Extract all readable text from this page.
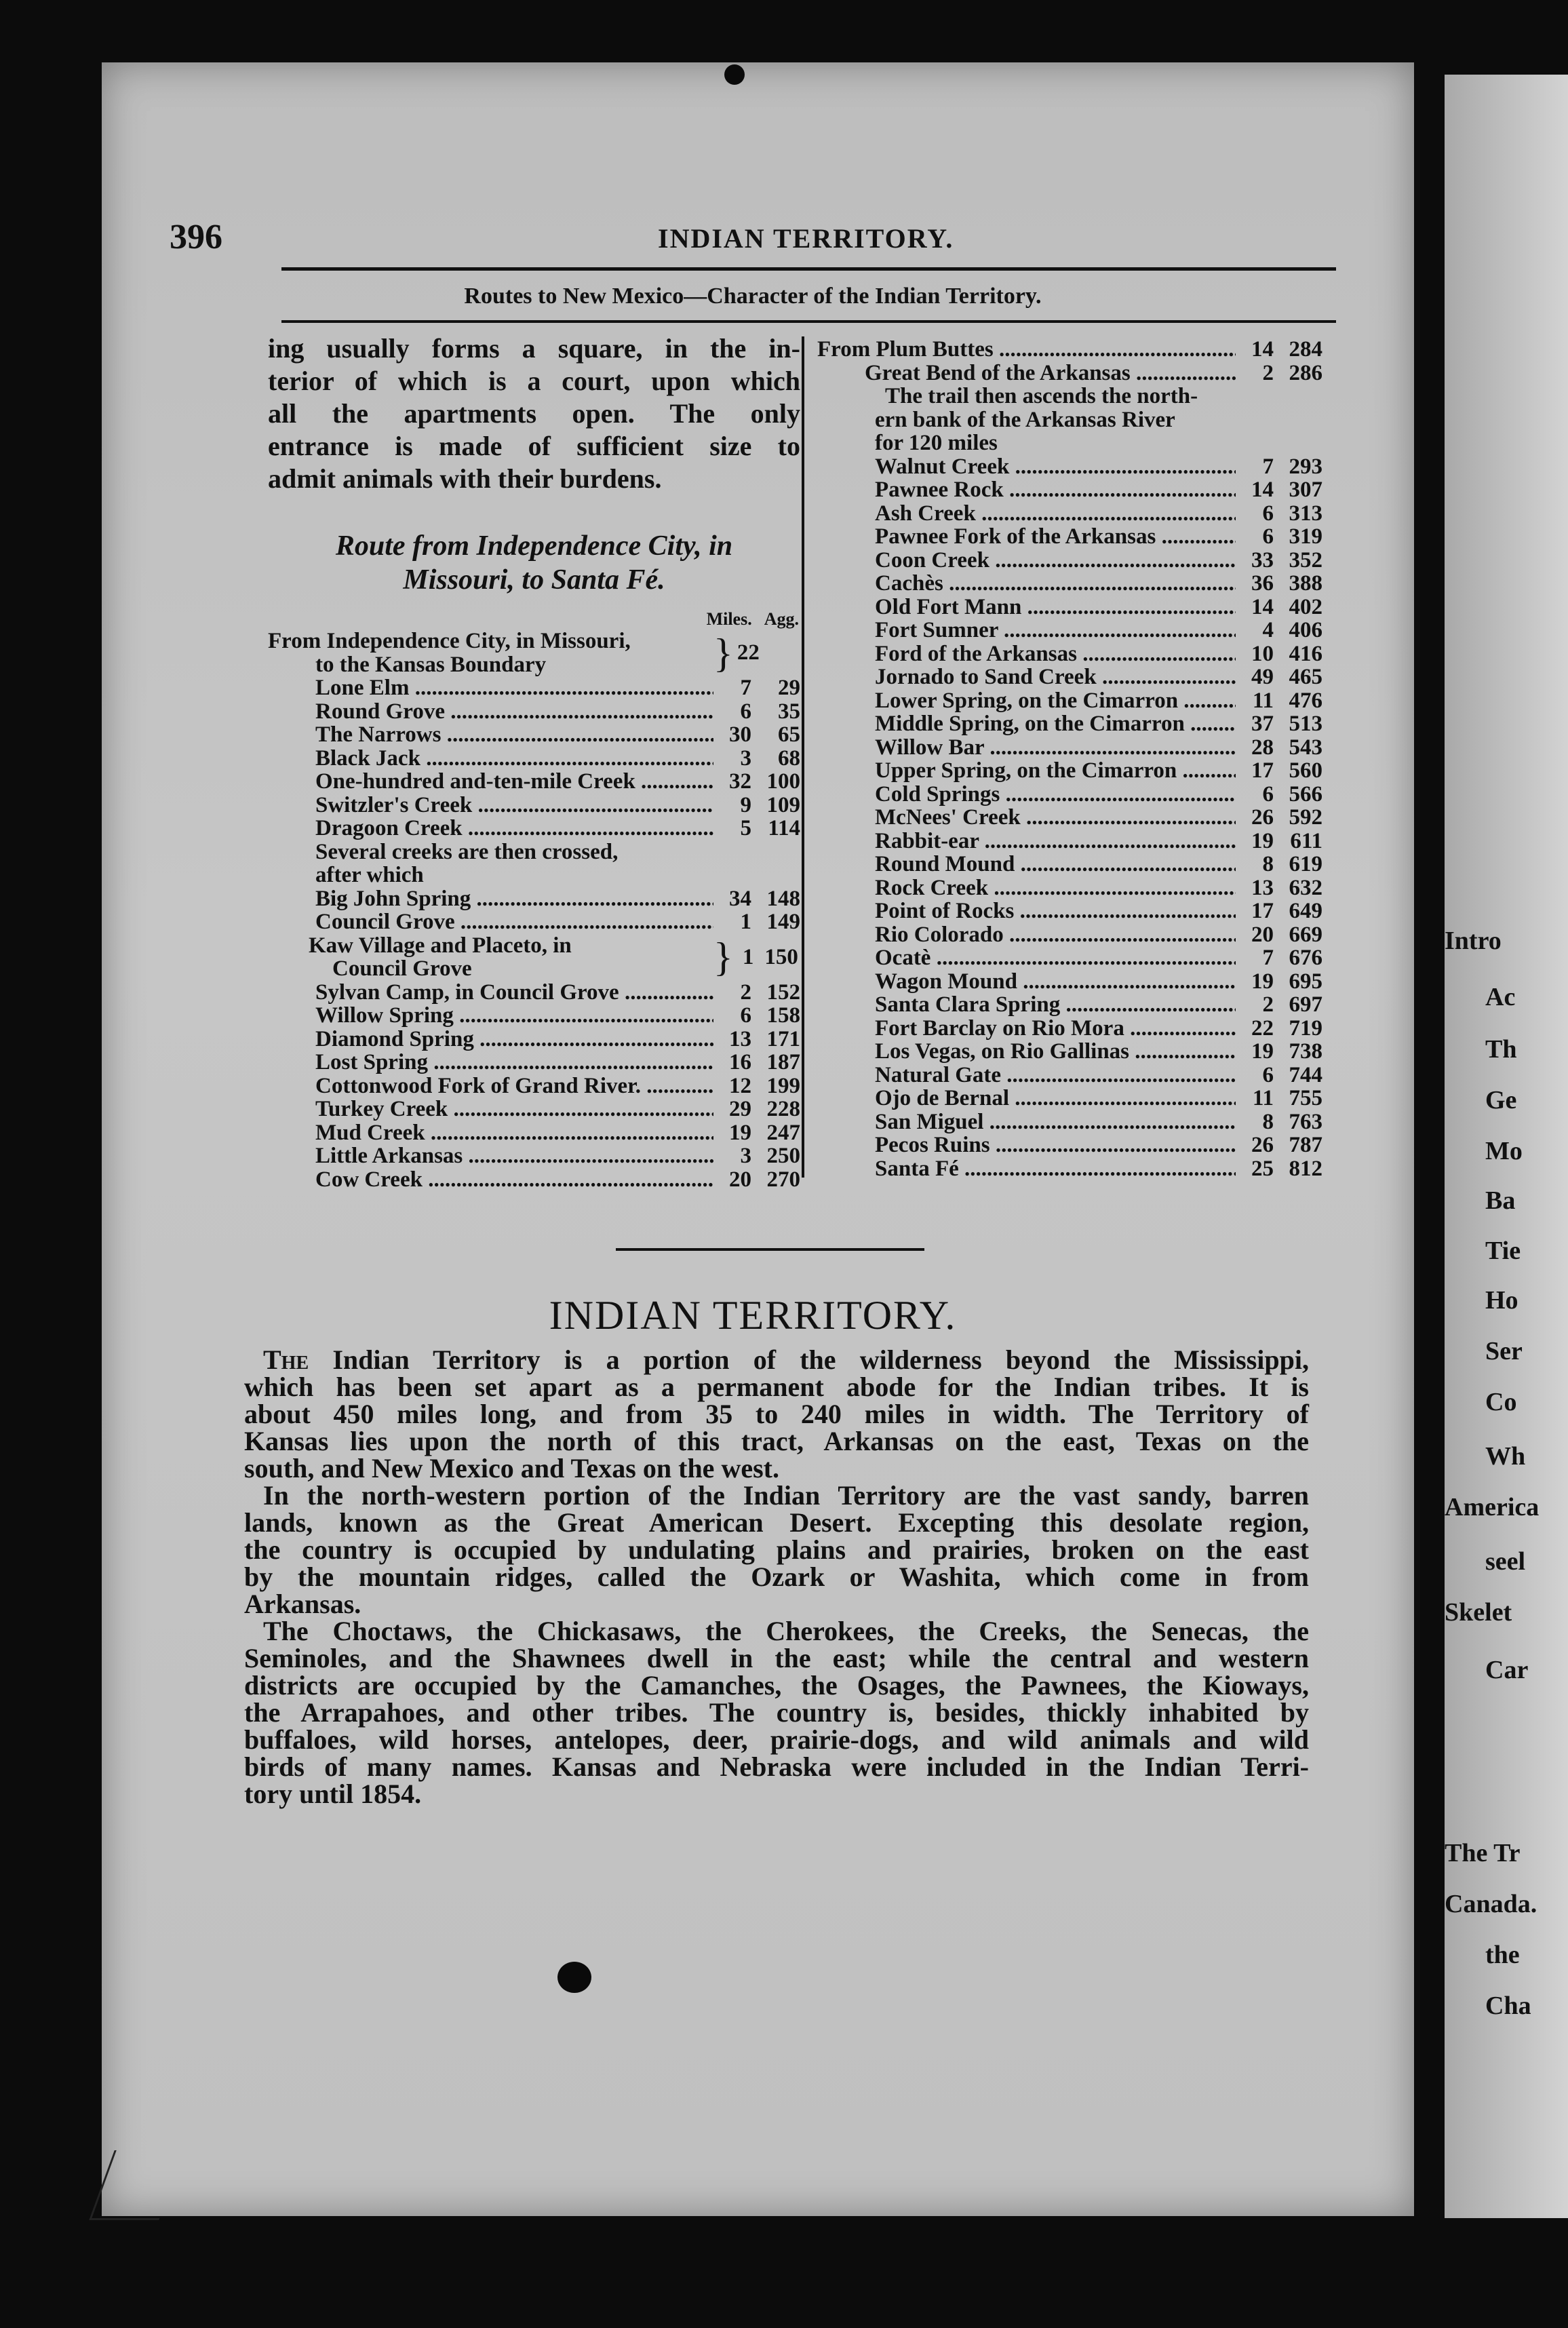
Intro
Ac
Th
Ge
Mo
Ba
Tie
Ho
Ser
Co
Wh
America
seel
Skelet
Car
The Tr
Canada.
the
Cha
396	INDIAN TERRITORY.
Routes to New Mexico—Character of the Indian Territory.
ing usually forms a square, in the in-
terior of which is a court, upon which
all the apartments open. The only
entrance is made of sufficient size to
admit animals with their burdens.
Route from Independence City, in
Missouri, to Santa Fé.
Miles. Agg.
From Independence City, in Missouri,
to the Kansas Boundary	} 22
Lone Elm .....	7	29
Round Grove .....	6	35
The Narrows .....	30	65
Black Jack .....	3	68
One-hundred and-ten-mile Creek .....	32 100
Switzler's Creek .....	9 109
Dragoon Creek .....	5 114
Several creeks are then crossed,
after which
Big John Spring .....	34 148
Council Grove .....	1 149
Kaw Village and Placeto, in
Council Grove	} 1 150
Sylvan Camp, in Council Grove .....	2 152
Willow Spring .....	6 158
Diamond Spring .....	13 171
Lost Spring .....	16 187
Cottonwood Fork of Grand River. .....	12 199
Turkey Creek .....	29 228
Mud Creek .....	19 247
Little Arkansas .....	3 250
Cow Creek .....	20 270
From Plum Buttes .....	14 284
Great Bend of the Arkansas .....	2 286
The trail then ascends the north-
ern bank of the Arkansas River
for 120 miles
Walnut Creek .....	7 293
Pawnee Rock .....	14 307
Ash Creek .....	6 313
Pawnee Fork of the Arkansas .....	6 319
Coon Creek .....	33 352
Cachès .....	36 388
Old Fort Mann .....	14 402
Fort Sumner .....	4 406
Ford of the Arkansas .....	10 416
Jornado to Sand Creek .....	49 465
Lower Spring, on the Cimarron .....	11 476
Middle Spring, on the Cimarron .....	37 513
Willow Bar .....	28 543
Upper Spring, on the Cimarron .....	17 560
Cold Springs .....	6 566
McNees' Creek .....	26 592
Rabbit-ear .....	19 611
Round Mound .....	8 619
Rock Creek .....	13 632
Point of Rocks .....	17 649
Rio Colorado .....	20 669
Ocatè .....	7 676
Wagon Mound .....	19 695
Santa Clara Spring .....	2 697
Fort Barclay on Rio Mora .....	22 719
Los Vegas, on Rio Gallinas .....	19 738
Natural Gate .....	6 744
Ojo de Bernal .....	11 755
San Miguel .....	8 763
Pecos Ruins .....	26 787
Santa Fé .....	25 812
INDIAN TERRITORY.
The Indian Territory is a portion of the wilderness beyond the Mississippi,
which has been set apart as a permanent abode for the Indian tribes. It is
about 450 miles long, and from 35 to 240 miles in width. The Territory of
Kansas lies upon the north of this tract, Arkansas on the east, Texas on the
south, and New Mexico and Texas on the west.
In the north-western portion of the Indian Territory are the vast sandy, barren
lands, known as the Great American Desert. Excepting this desolate region,
the country is occupied by undulating plains and prairies, broken on the east
by the mountain ridges, called the Ozark or Washita, which come in from
Arkansas.
The Choctaws, the Chickasaws, the Cherokees, the Creeks, the Senecas, the
Seminoles, and the Shawnees dwell in the east; while the central and western
districts are occupied by the Camanches, the Osages, the Pawnees, the Kioways,
the Arrapahoes, and other tribes. The country is, besides, thickly inhabited by
buffaloes, wild horses, antelopes, deer, prairie-dogs, and wild animals and wild
birds of many names. Kansas and Nebraska were included in the Indian Terri-
tory until 1854.
